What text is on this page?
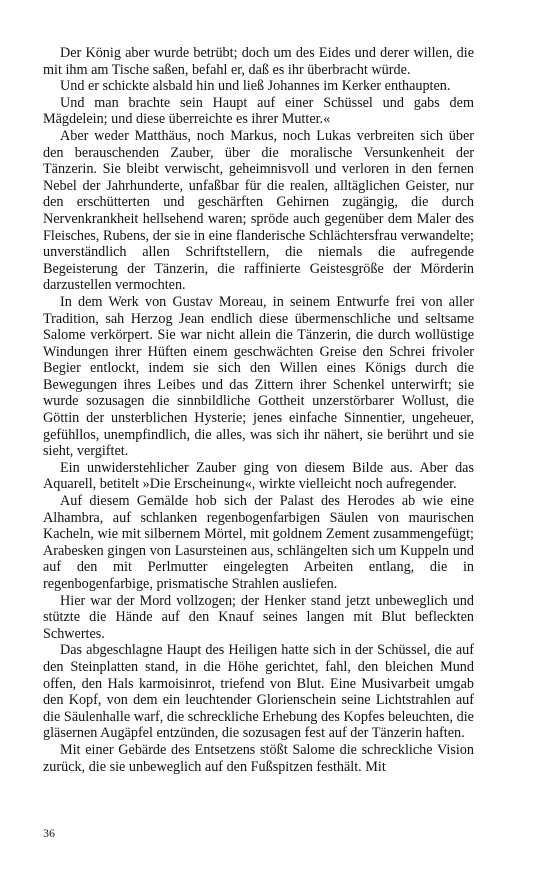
Der König aber wurde betrübt; doch um des Eides und derer willen, die mit ihm am Tische saßen, befahl er, daß es ihr überbracht würde.

Und er schickte alsbald hin und ließ Johannes im Kerker enthaupten.

Und man brachte sein Haupt auf einer Schüssel und gabs dem Mägdelein; und diese überreichte es ihrer Mutter.«

Aber weder Matthäus, noch Markus, noch Lukas verbreiten sich über den berauschenden Zauber, über die moralische Versunkenheit der Tänzerin. Sie bleibt verwischt, geheimnisvoll und verloren in den fernen Nebel der Jahrhunderte, unfaßbar für die realen, alltäglichen Geister, nur den erschütterten und geschärften Gehirnen zugängig, die durch Nervenkrankheit hellsehend waren; spröde auch gegenüber dem Maler des Fleisches, Rubens, der sie in eine flanderische Schlächtersfrau verwandelte; unverständlich allen Schriftstellern, die niemals die aufregende Begeisterung der Tänzerin, die raffinierte Geistesgröße der Mörderin darzustellen vermochten.

In dem Werk von Gustav Moreau, in seinem Entwurfe frei von aller Tradition, sah Herzog Jean endlich diese übermenschliche und seltsame Salome verkörpert. Sie war nicht allein die Tänzerin, die durch wollüstige Windungen ihrer Hüften einem geschwächten Greise den Schrei frivoler Begier entlockt, indem sie sich den Willen eines Königs durch die Bewegungen ihres Leibes und das Zittern ihrer Schenkel unterwirft; sie wurde sozusagen die sinnbildliche Gottheit unzerstörbarer Wollust, die Göttin der unsterblichen Hysterie; jenes einfache Sinnentier, ungeheuer, gefühllos, unempfindlich, die alles, was sich ihr nähert, sie berührt und sie sieht, vergiftet.

Ein unwiderstehlicher Zauber ging von diesem Bilde aus. Aber das Aquarell, betitelt »Die Erscheinung«, wirkte vielleicht noch aufregender.

Auf diesem Gemälde hob sich der Palast des Herodes ab wie eine Alhambra, auf schlanken regenbogenfarbigen Säulen von maurischen Kacheln, wie mit silbernem Mörtel, mit goldnem Zement zusammengefügt; Arabesken gingen von Lasursteinen aus, schlängelten sich um Kuppeln und auf den mit Perlmutter eingelegten Arbeiten entlang, die in regenbogenfarbige, prismatische Strahlen ausliefen.

Hier war der Mord vollzogen; der Henker stand jetzt unbeweglich und stützte die Hände auf den Knauf seines langen mit Blut befleckten Schwertes.

Das abgeschlagne Haupt des Heiligen hatte sich in der Schüssel, die auf den Steinplatten stand, in die Höhe gerichtet, fahl, den bleichen Mund offen, den Hals karmoisinrot, triefend von Blut. Eine Musivarbeit umgab den Kopf, von dem ein leuchtender Glorienschein seine Lichtstrahlen auf die Säulenhalle warf, die schreckliche Erhebung des Kopfes beleuchten, die gläsernen Augäpfel entzünden, die sozusagen fest auf der Tänzerin haften.

Mit einer Gebärde des Entsetzens stößt Salome die schreckliche Vision zurück, die sie unbeweglich auf den Fußspitzen festhält. Mit

36
